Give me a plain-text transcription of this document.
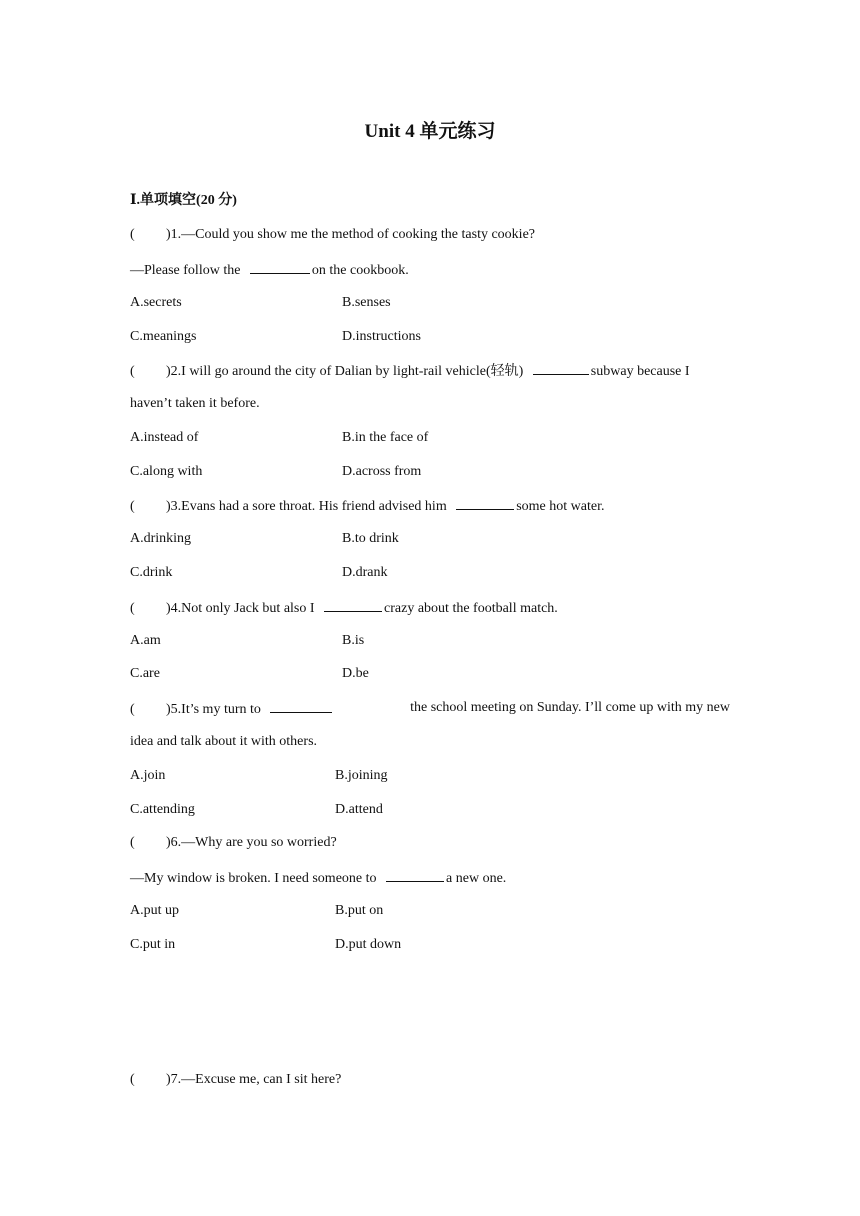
Unit 4 单元练习
Ⅰ.单项填空(20 分)
( )1.—Could you show me the method of cooking the tasty cookie?
—Please follow the	on the cookbook.
A.secrets	B.senses
C.meanings	D.instructions
( )2.I will go around the city of Dalian by light-rail vehicle(轻轨)	subway because I
haven’t taken it before.
A.instead of	B.in the face of
C.along with	D.across from
( )3.Evans had a sore throat. His friend advised him	some hot water.
A.drinking	B.to drink
C.drink	D.drank
( )4.Not only Jack but also I	crazy about the football match.
A.am	B.is
C.are	D.be
( )5.It’s my turn to	the school meeting on Sunday. I’ll come up with my new
idea and talk about it with others.
A.join	B.joining
C.attending	D.attend
( )6.—Why are you so worried?
—My window is broken. I need someone to	a new one.
A.put up	B.put on
C.put in	D.put down
( )7.—Excuse me, can I sit here?
